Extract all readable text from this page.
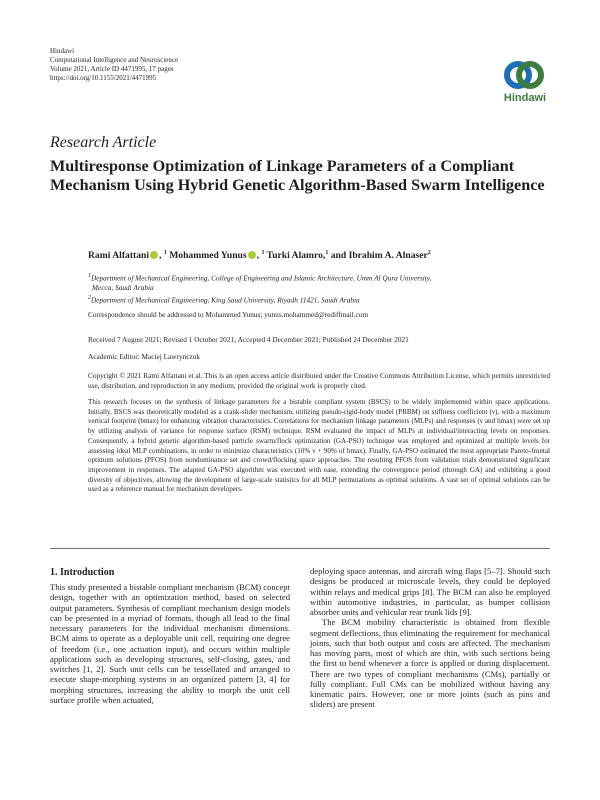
Hindawi
Computational Intelligence and Neuroscience
Volume 2021, Article ID 4471995, 17 pages
https://doi.org/10.1155/2021/4471995
Hindawi
Research Article
Multiresponse Optimization of Linkage Parameters of a Compliant Mechanism Using Hybrid Genetic Algorithm-Based Swarm Intelligence
Rami Alfattani , $^1$ Mohammed Yunus , $^1$ Turki Alamro,$^1$ and Ibrahim A. Alnaser$^2$
$^1$Department of Mechanical Engineering, College of Engineering and Islamic Architecture, Umm Al Qura University,
Mecca, Saudi Arabia
$^2$Department of Mechanical Engineering, King Saud University, Riyadh 11421, Saudi Arabia
Correspondence should be addressed to Mohammed Yunus; yunus.mohammed@rediffmail.com
Received 7 August 2021; Revised 1 October 2021; Accepted 4 December 2021; Published 24 December 2021
Academic Editor: Maciej Lawrynczuk
Copyright © 2021 Rami Alfattani et al. This is an open access article distributed under the Creative Commons Attribution License, which permits unrestricted use, distribution, and reproduction in any medium, provided the original work is properly cited.
This research focuses on the synthesis of linkage parameters for a bistable compliant system (BSCS) to be widely implemented within space applications. Initially, BSCS was theoretically modeled as a crank-slider mechanism, utilizing pseudo-rigid-body model (PRBM) on stiffness coefficient (ν), with a maximum vertical footprint (bmax) for enhancing vibration characteristics. Correlations for mechanism linkage parameters (MLPs) and responses (ν and bmax) were set up by utilizing analysis of variance for response surface (RSM) technique. RSM evaluated the impact of MLPs at individual/interacting levels on responses. Consequently, a hybrid genetic algorithm-based particle swarm/flock optimization (GA-PSO) technique was employed and optimized at multiple levels for assessing ideal MLP combinations, in order to minimize characteristics (10% ν + 90% of bmax). Finally, GA-PSO estimated the most appropriate Pareto-frontal optimum solutions (PFOS) from nondominance set and crowd/flocking space approaches. The resulting PFOS from validation trials demonstrated significant improvement in responses. The adapted GA-PSO algorithm was executed with ease, extending the convergence period (through GA) and exhibiting a good diversity of objectives, allowing the development of large-scale statistics for all MLP permutations as optimal solutions. A vast set of optimal solutions can be used as a reference manual for mechanism developers.
1. Introduction

This study presented a bistable compliant mechanism (BCM) concept design, together with an optimization method, based on selected output parameters. Synthesis of compliant mechanism design models can be presented in a myriad of formats, though all lead to the final necessary parameters for the individual mechanism dimensions. BCM aims to operate as a deployable unit cell, requiring one degree of freedom (i.e., one actuation input), and occurs within multiple applications such as developing structures, self-closing, gates, and switches [1, 2]. Such unit cells can be tessellated and arranged to execute shape-morphing systems in an organized pattern [3, 4] for morphing structures, increasing the ability to morph the unit cell surface profile when actuated,

deploying space antennas, and aircraft wing flaps [5–7]. Should such designs be produced at microscale levels, they could be deployed within relays and medical grips [8]. The BCM can also be employed within automotive industries, in particular, as bumper collision absorber units and vehicular rear trunk lids [9].

The BCM mobility characteristic is obtained from flexible segment deflections, thus eliminating the requirement for mechanical joints, such that both output and costs are affected. The mechanism has moving parts, most of which are thin, with such sections being the first to bend whenever a force is applied or during displacement. There are two types of compliant mechanisms (CMs), partially or fully compliant. Full CMs can be mobilized without having any kinematic pairs. However, one or more joints (such as pins and sliders) are present
